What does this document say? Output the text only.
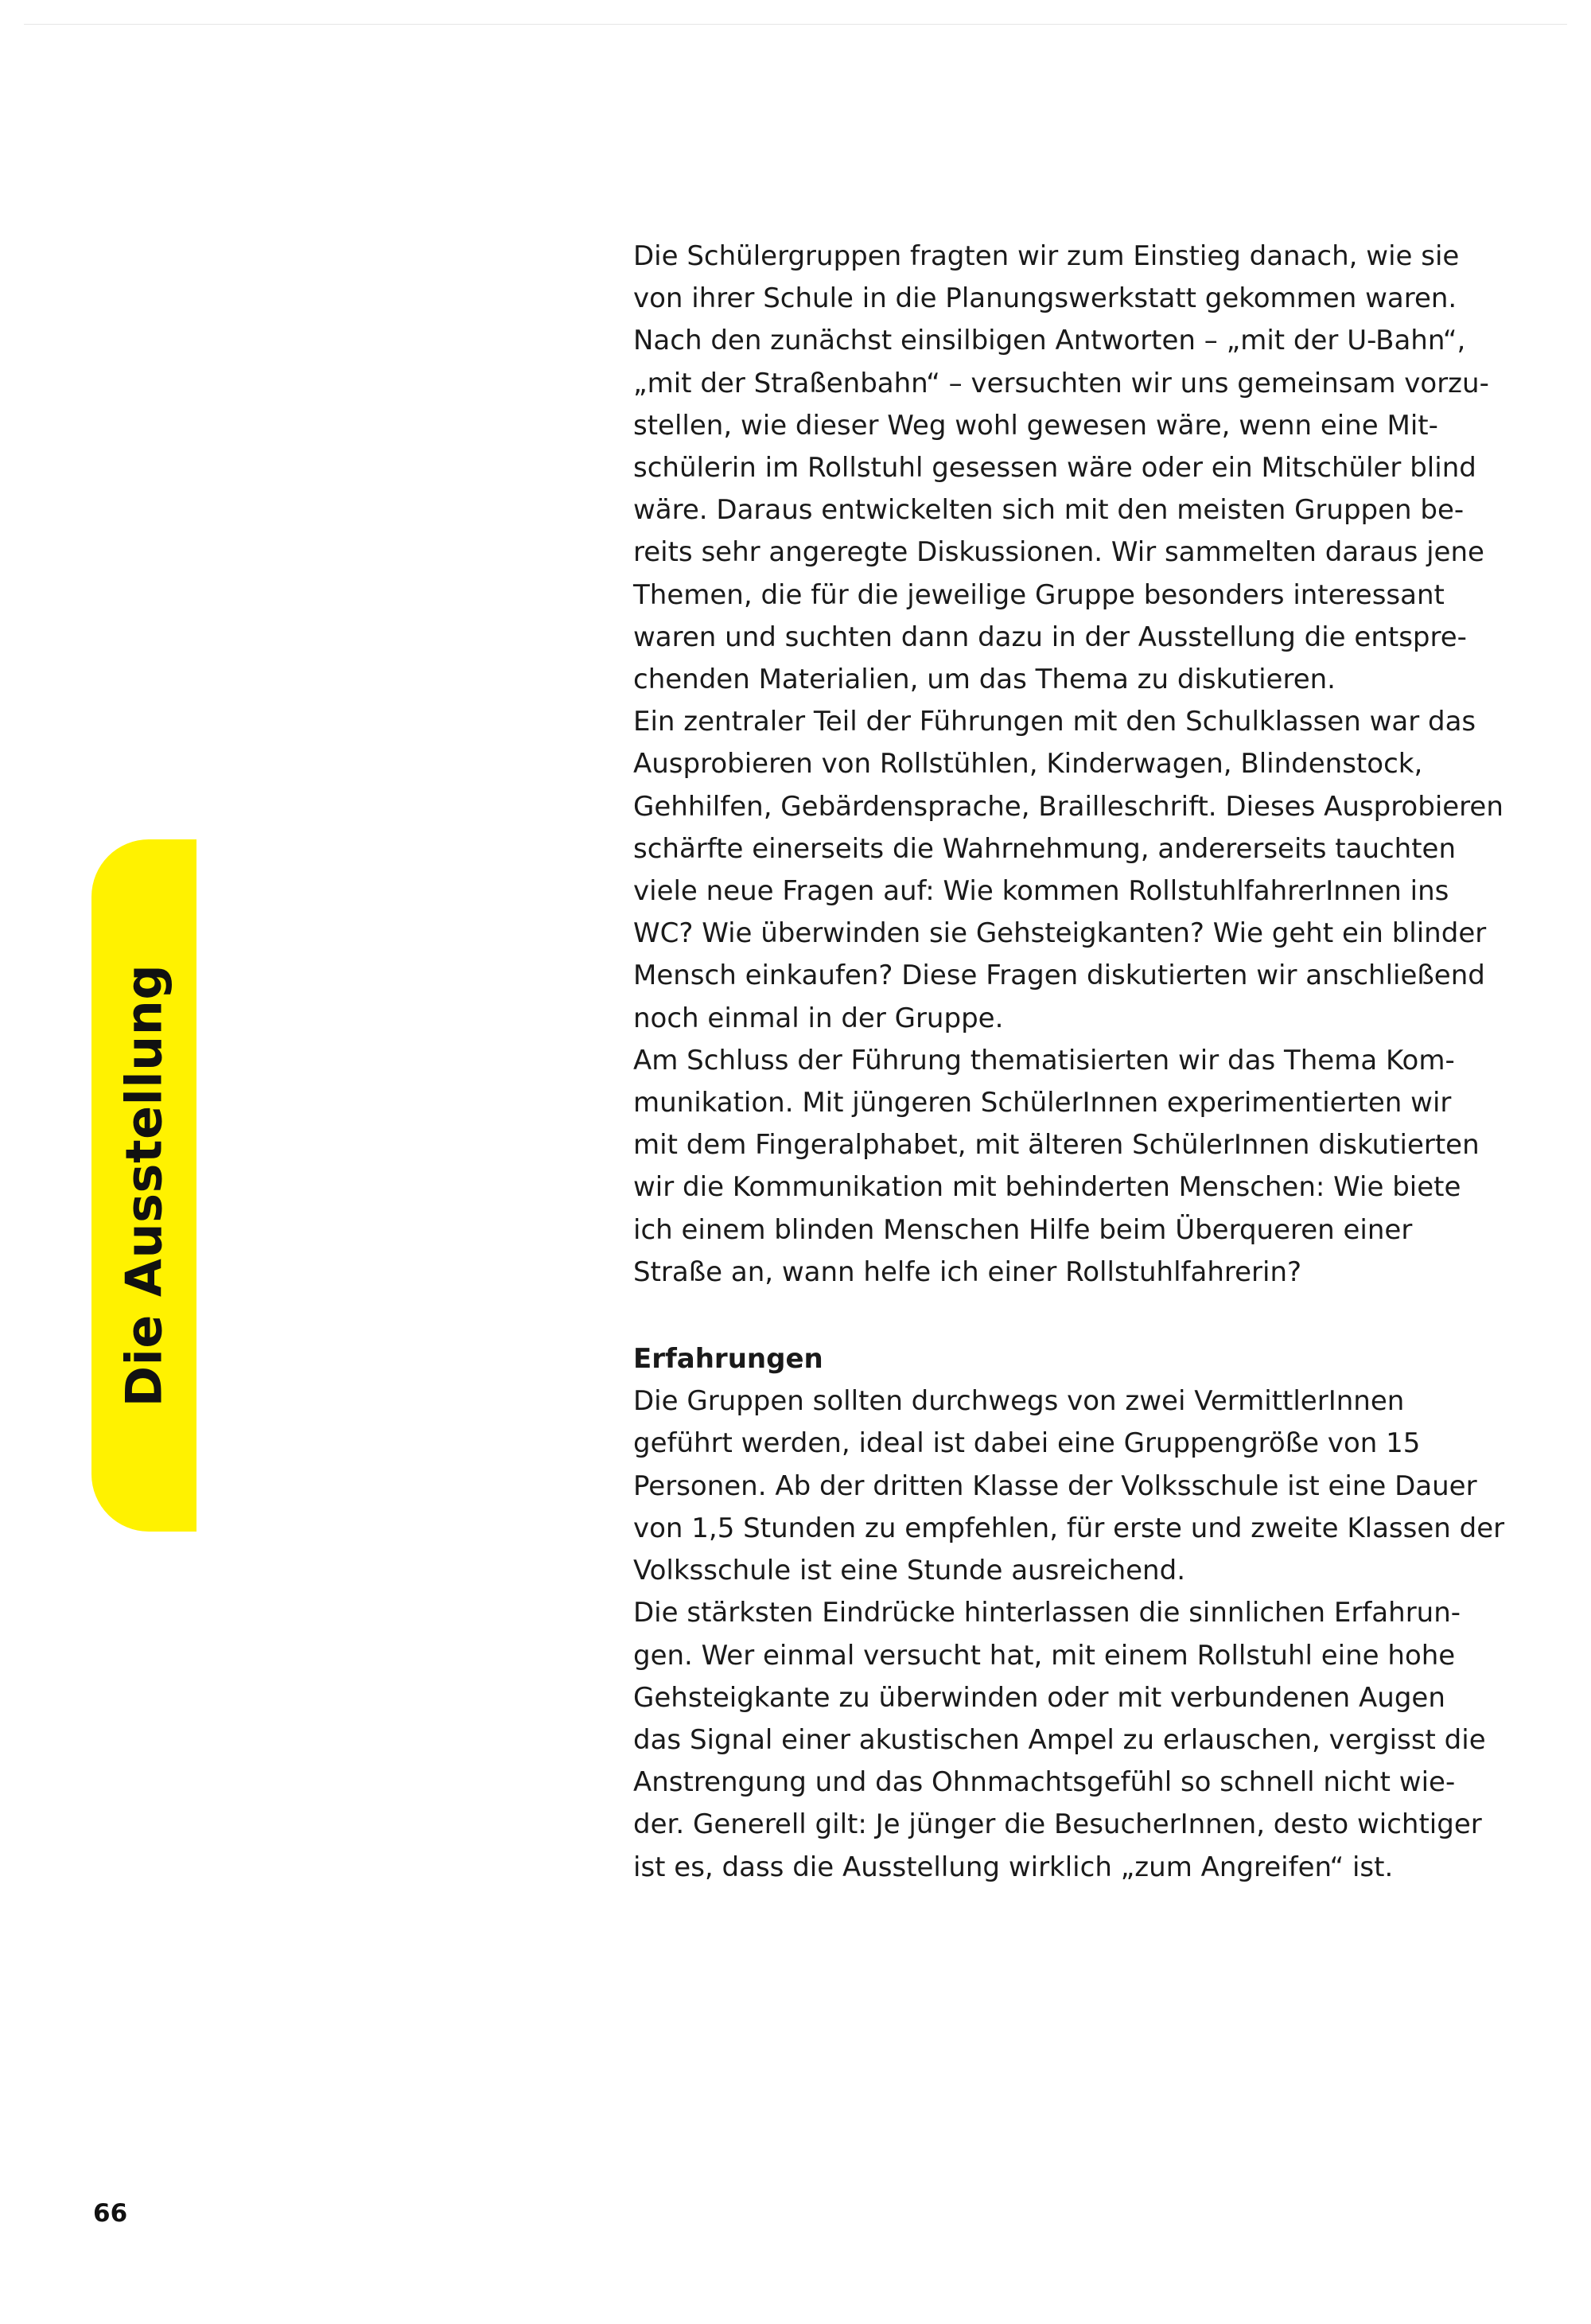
Die Ausstellung
Die Schülergruppen fragten wir zum Einstieg danach, wie sie
von ihrer Schule in die Planungswerkstatt gekommen waren.
Nach den zunächst einsilbigen Antworten – „mit der U-Bahn“,
„mit der Straßenbahn“ – versuchten wir uns gemeinsam vorzu-
stellen, wie dieser Weg wohl gewesen wäre, wenn eine Mit-
schülerin im Rollstuhl gesessen wäre oder ein Mitschüler blind
wäre. Daraus entwickelten sich mit den meisten Gruppen be-
reits sehr angeregte Diskussionen. Wir sammelten daraus jene
Themen, die für die jeweilige Gruppe besonders interessant
waren und suchten dann dazu in der Ausstellung die entspre-
chenden Materialien, um das Thema zu diskutieren.
Ein zentraler Teil der Führungen mit den Schulklassen war das
Ausprobieren von Rollstühlen, Kinderwagen, Blindenstock,
Gehhilfen, Gebärdensprache, Brailleschrift. Dieses Ausprobieren
schärfte einerseits die Wahrnehmung, andererseits tauchten
viele neue Fragen auf: Wie kommen RollstuhlfahrerInnen ins
WC? Wie überwinden sie Gehsteigkanten? Wie geht ein blinder
Mensch einkaufen? Diese Fragen diskutierten wir anschließend
noch einmal in der Gruppe.
Am Schluss der Führung thematisierten wir das Thema Kom-
munikation. Mit jüngeren SchülerInnen experimentierten wir
mit dem Fingeralphabet, mit älteren SchülerInnen diskutierten
wir die Kommunikation mit behinderten Menschen: Wie biete
ich einem blinden Menschen Hilfe beim Überqueren einer
Straße an, wann helfe ich einer Rollstuhlfahrerin?
Erfahrungen
Die Gruppen sollten durchwegs von zwei VermittlerInnen
geführt werden, ideal ist dabei eine Gruppengröße von 15
Personen. Ab der dritten Klasse der Volksschule ist eine Dauer
von 1,5 Stunden zu empfehlen, für erste und zweite Klassen der
Volksschule ist eine Stunde ausreichend.
Die stärksten Eindrücke hinterlassen die sinnlichen Erfahrun-
gen. Wer einmal versucht hat, mit einem Rollstuhl eine hohe
Gehsteigkante zu überwinden oder mit verbundenen Augen
das Signal einer akustischen Ampel zu erlauschen, vergisst die
Anstrengung und das Ohnmachtsgefühl so schnell nicht wie-
der. Generell gilt: Je jünger die BesucherInnen, desto wichtiger
ist es, dass die Ausstellung wirklich „zum Angreifen“ ist.
66
